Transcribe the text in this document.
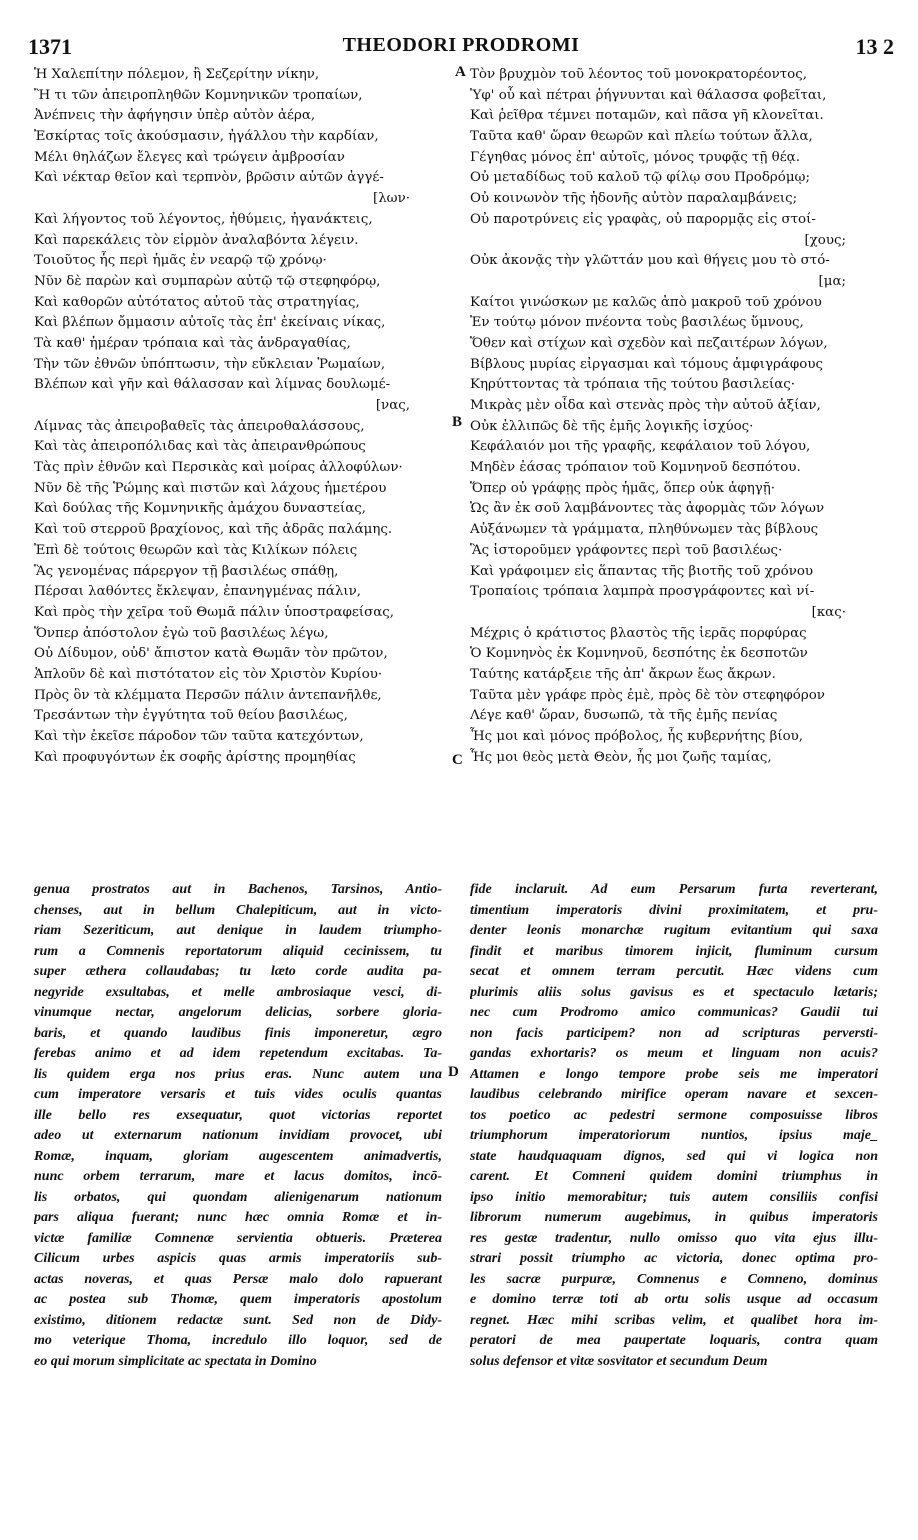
1371	THEODORI PRODROMI	13 2
Ἡ Χαλεπίτην πόλεμον, ἢ Σεζερίτην νίκην,
Ἢ τι τῶν ἀπειροπληθῶν Κομνηνικῶν τροπαίων,
Ἀνέπνεις τὴν ἀφήγησιν ὑπὲρ αὐτὸν ἀέρα,
Ἐσκίρτας τοῖς ἀκούσμασιν, ἠγάλλου τὴν καρδίαν,
Μέλι θηλάζων ἔλεγες καὶ τρώγειν ἀμβροσίαν
Καὶ νέκταρ θεῖον καὶ τερπνὸν, βρῶσιν αὐτῶν ἀγγέ-
[λων·
Καὶ λήγοντος τοῦ λέγοντος, ἠθύμεις, ἠγανάκτεις,
Καὶ παρεκάλεις τὸν εἱρμὸν ἀναλαβόντα λέγειν.
Τοιοῦτος ἧς περὶ ἡμᾶς ἐν νεαρῷ τῷ χρόνῳ·
Νῦν δὲ παρὼν καὶ συμπαρὼν αὐτῷ τῷ στεφηφόρῳ,
Καὶ καθορῶν αὐτότατος αὐτοῦ τὰς στρατηγίας,
Καὶ βλέπων ὄμμασιν αὐτοῖς τὰς ἐπ' ἐκείναις νίκας,
Τὰ καθ' ἡμέραν τρόπαια καὶ τὰς ἀνδραγαθίας,
Τὴν τῶν ἐθνῶν ὑπόπτωσιν, τὴν εὔκλειαν Ῥωμαίων,
Βλέπων καὶ γῆν καὶ θάλασσαν καὶ λίμνας δουλωμέ-
[νας,
Λίμνας τὰς ἀπειροβαθεῖς τὰς ἀπειροθαλάσσους,
Καὶ τὰς ἀπειροπόλιδας καὶ τὰς ἀπειρανθρώπους
Τὰς πρὶν ἐθνῶν καὶ Περσικὰς καὶ μοίρας ἀλλοφύλων·
Νῦν δὲ τῆς Ῥώμης καὶ πιστῶν καὶ λάχους ἡμετέρου
Καὶ δούλας τῆς Κομνηνικῆς ἀμάχου δυναστείας,
Καὶ τοῦ στερροῦ βραχίονος, καὶ τῆς ἀδρᾶς παλάμης.
Ἐπὶ δὲ τούτοις θεωρῶν καὶ τὰς Κιλίκων πόλεις
Ἃς γενομένας πάρεργον τῇ βασιλέως σπάθῃ,
Πέρσαι λαθόντες ἔκλεψαν, ἐπανηγμένας πάλιν,
Καὶ πρὸς τὴν χεῖρα τοῦ Θωμᾶ πάλιν ὑποστραφείσας,
Ὅνπερ ἀπόστολον ἐγὼ τοῦ βασιλέως λέγω,
Οὐ Δίδυμον, οὐδ' ἄπιστον κατὰ Θωμᾶν τὸν πρῶτον,
Ἁπλοῦν δὲ καὶ πιστότατον εἰς τὸν Χριστὸν Κυρίου·
Πρὸς ὃν τὰ κλέμματα Περσῶν πάλιν ἀντεπανῆλθε,
Τρεσάντων τὴν ἐγγύτητα τοῦ θείου βασιλέως,
Καὶ τὴν ἐκεῖσε πάροδον τῶν ταῦτα κατεχόντων,
Καὶ προφυγόντων ἐκ σοφῆς ἀρίστης προμηθίας
Τὸν βρυχμὸν τοῦ λέοντος τοῦ μονοκρατορέοντος,
Ὑφ' οὗ καὶ πέτραι ῥήγνυνται καὶ θάλασσα φοβεῖται,
Καὶ ῥεῖθρα τέμνει ποταμῶν, καὶ πᾶσα γῆ κλονεῖται.
Ταῦτα καθ' ὥραν θεωρῶν καὶ πλείω τούτων ἄλλα,
Γέγηθας μόνος ἐπ' αὐτοῖς, μόνος τρυφᾷς τῇ θέᾳ.
Οὐ μεταδίδως τοῦ καλοῦ τῷ φίλῳ σου Προδρόμῳ;
Οὐ κοινωνὸν τῆς ἡδονῆς αὐτὸν παραλαμβάνεις;
Οὐ παροτρύνεις εἰς γραφὰς, οὐ παρορμᾷς εἰς στοί-
[χους;
Οὐκ ἀκονᾷς τὴν γλῶττάν μου καὶ θήγεις μου τὸ στό-
[μα;
Καίτοι γινώσκων με καλῶς ἀπὸ μακροῦ τοῦ χρόνου
Ἐν τούτῳ μόνον πνέοντα τοὺς βασιλέως ὕμνους,
Ὅθεν καὶ στίχων καὶ σχεδὸν καὶ πεζαιτέρων λόγων,
Βίβλους μυρίας εἰργασμαι καὶ τόμους ἀμφιγράφους
Κηρύττοντας τὰ τρόπαια τῆς τούτου βασιλείας·
Μικρὰς μὲν οἶδα καὶ στενὰς πρὸς τὴν αὐτοῦ ἀξίαν,
Οὐκ ἐλλιπῶς δὲ τῆς ἐμῆς λογικῆς ἰσχύος·
Κεφάλαιόν μοι τῆς γραφῆς, κεφάλαιον τοῦ λόγου,
Μηδὲν ἐάσας τρόπαιον τοῦ Κομνηνοῦ δεσπότου.
Ὅπερ οὐ γράφῃς πρὸς ἡμᾶς, ὅπερ οὐκ ἀφηγῇ·
Ὡς ἂν ἐκ σοῦ λαμβάνοντες τὰς ἀφορμὰς τῶν λόγων
Αὐξάνωμεν τὰ γράμματα, πληθύνωμεν τὰς βίβλους
Ἃς ἱστοροῦμεν γράφοντες περὶ τοῦ βασιλέως·
Καὶ γράφοιμεν εἰς ἅπαντας τῆς βιοτῆς τοῦ χρόνου
Τροπαίοις τρόπαια λαμπρὰ προσγράφοντες καὶ νί-
[κας·
Μέχρις ὁ κράτιστος βλαστὸς τῆς ἱερᾶς πορφύρας
Ὁ Κομνηνὸς ἐκ Κομνηνοῦ, δεσπότης ἐκ δεσποτῶν
Ταύτης κατάρξειε τῆς ἀπ' ἄκρων ἕως ἄκρων.
Ταῦτα μὲν γράφε πρὸς ἐμὲ, πρὸς δὲ τὸν στεφηφόρον
Λέγε καθ' ὥραν, δυσωπῶ, τὰ τῆς ἐμῆς πενίας
Ἧς μοι καὶ μόνος πρόβολος, ἧς κυβερνήτης βίου,
Ἧς μοι θεὸς μετὰ Θεὸν, ἧς μοι ζωῆς ταμίας,
A
B
C
D
genua prostratos aut in Bachenos, Tarsinos, Antio-
chenses, aut in bellum Chalepiticum, aut in victo-
riam Sezeriticum, aut denique in laudem triumpho-
rum a Comnenis reportatorum aliquid cecinissem, tu
super æthera collaudabas; tu læto corde audita pa-
negyride exsultabas, et melle ambrosiaque vesci, di-
vinumque nectar, angelorum delicias, sorbere gloria-
baris, et quando laudibus finis imponeretur, ægro
ferebas animo et ad idem repetendum excitabas. Ta-
lis quidem erga nos prius eras. Nunc autem una
cum imperatore versaris et tuis vides oculis quantas
ille bello res exsequatur, quot victorias reportet
adeo ut externarum nationum invidiam provocet, ubi
Romæ, inquam, gloriam augescentem animadvertis,
nunc orbem terrarum, mare et lacus domitos, incō-
lis orbatos, qui quondam alienigenarum nationum
pars aliqua fuerant; nunc hæc omnia Romæ et in-
victæ familiæ Comnenæ servientia obtueris. Præterea
Cilicum urbes aspicis quas armis imperatoriis sub-
actas noveras, et quas Persæ malo dolo rapuerant
ac postea sub Thomæ, quem imperatoris apostolum
existimo, ditionem redactæ sunt. Sed non de Didy-
mo veterique Thoma, incredulo illo loquor, sed de
eo qui morum simplicitate ac spectata in Domino
fide inclaruit. Ad eum Persarum furta reverterant,
timentium imperatoris divini proximitatem, et pru-
denter leonis monarchæ rugitum evitantium qui saxa
findit et maribus timorem injicit, fluminum cursum
secat et omnem terram percutit. Hæc videns cum
plurimis aliis solus gavisus es et spectaculo lætaris;
nec cum Prodromo amico communicas? Gaudii tui
non facis participem? non ad scripturas perversti-
gandas exhortaris? os meum et linguam non acuis?
Attamen e longo tempore probe seis me imperatori
laudibus celebrando mirifice operam navare et sexcen-
tos poetico ac pedestri sermone composuisse libros
triumphorum imperatoriorum nuntios, ipsius maje_
state haudquaquam dignos, sed qui vi logica non
carent. Et Comneni quidem domini triumphus in
ipso initio memorabitur; tuis autem consiliis confisi
librorum numerum augebimus, in quibus imperatoris
res gestæ tradentur, nullo omisso quo vita ejus illu-
strari possit triumpho ac victoria, donec optima pro-
les sacræ purpuræ, Comnenus e Comneno, dominus
e domino terræ toti ab ortu solis usque ad occasum
regnet. Hæc mihi scribas velim, et qualibet hora im-
peratori de mea paupertate loquaris, contra quam
solus defensor et vitæ sosvitator et secundum Deum
